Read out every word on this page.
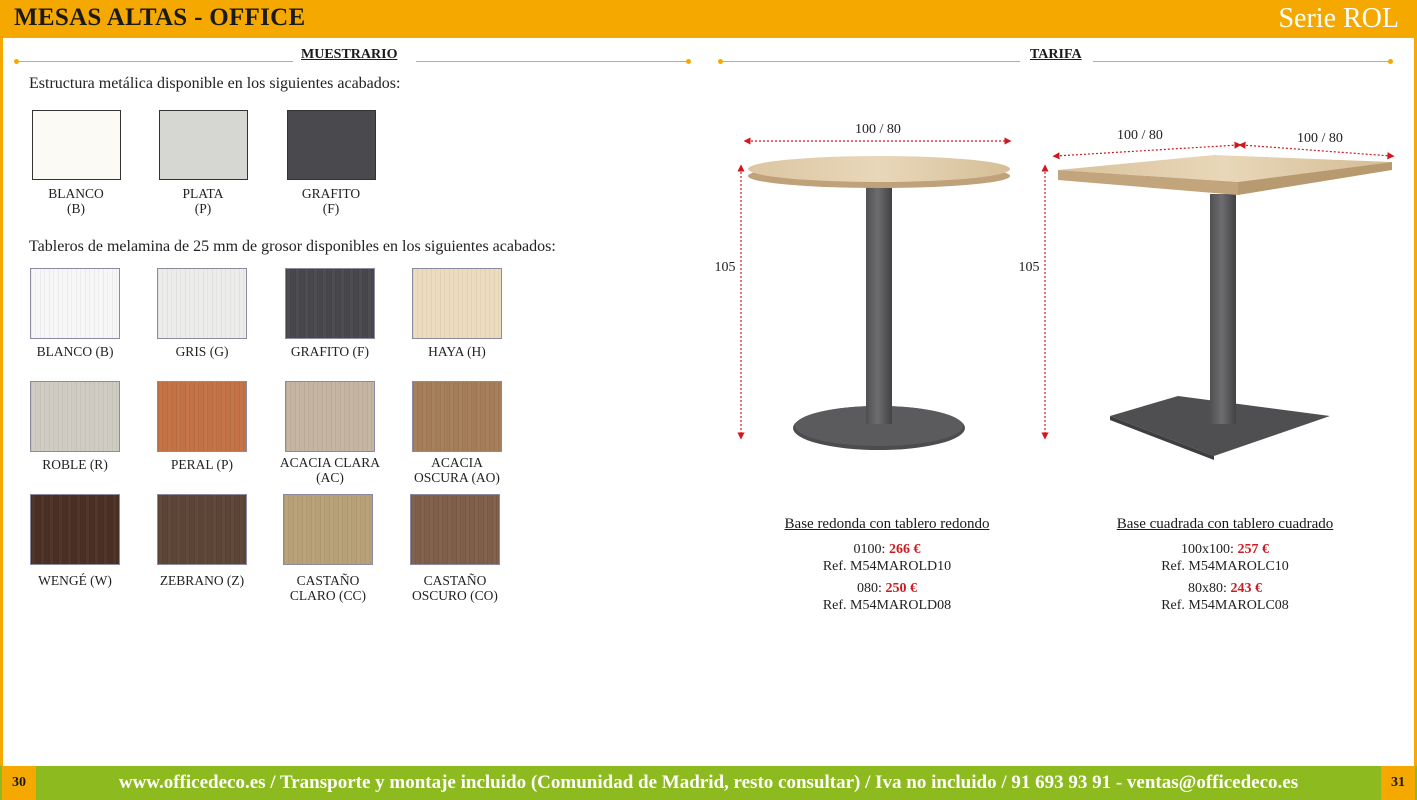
MESAS ALTAS - OFFICE	Serie ROL
MUESTRARIO	TARIFA
Estructura metálica disponible en los siguientes acabados:
BLANCO
(B)
PLATA
(P)
GRAFITO
(F)
Tableros de melamina de 25 mm de grosor disponibles en los siguientes acabados:
BLANCO (B)	GRIS (G)	GRAFITO (F)	HAYA (H)
ROBLE (R)	PERAL (P)	ACACIA CLARA
(AC)
ACACIA
OSCURA (AO)
WENGÉ (W)	ZEBRANO (Z)	CASTAÑO
CLARO (CC)
CASTAÑO
OSCURO (CO)
100 / 80
105
100 / 80	100 / 80
105
Base redonda con tablero redondo
0100: 266 €
Ref. M54MAROLD10
080: 250 €
Ref. M54MAROLD08
Base cuadrada con tablero cuadrado
100x100: 257 €
Ref. M54MAROLC10
80x80: 243 €
Ref. M54MAROLC08
www.officedeco.es / Transporte y montaje incluido (Comunidad de Madrid, resto consultar) / Iva no incluido / 91 693 93 91 - ventas@officedeco.es
30	31
